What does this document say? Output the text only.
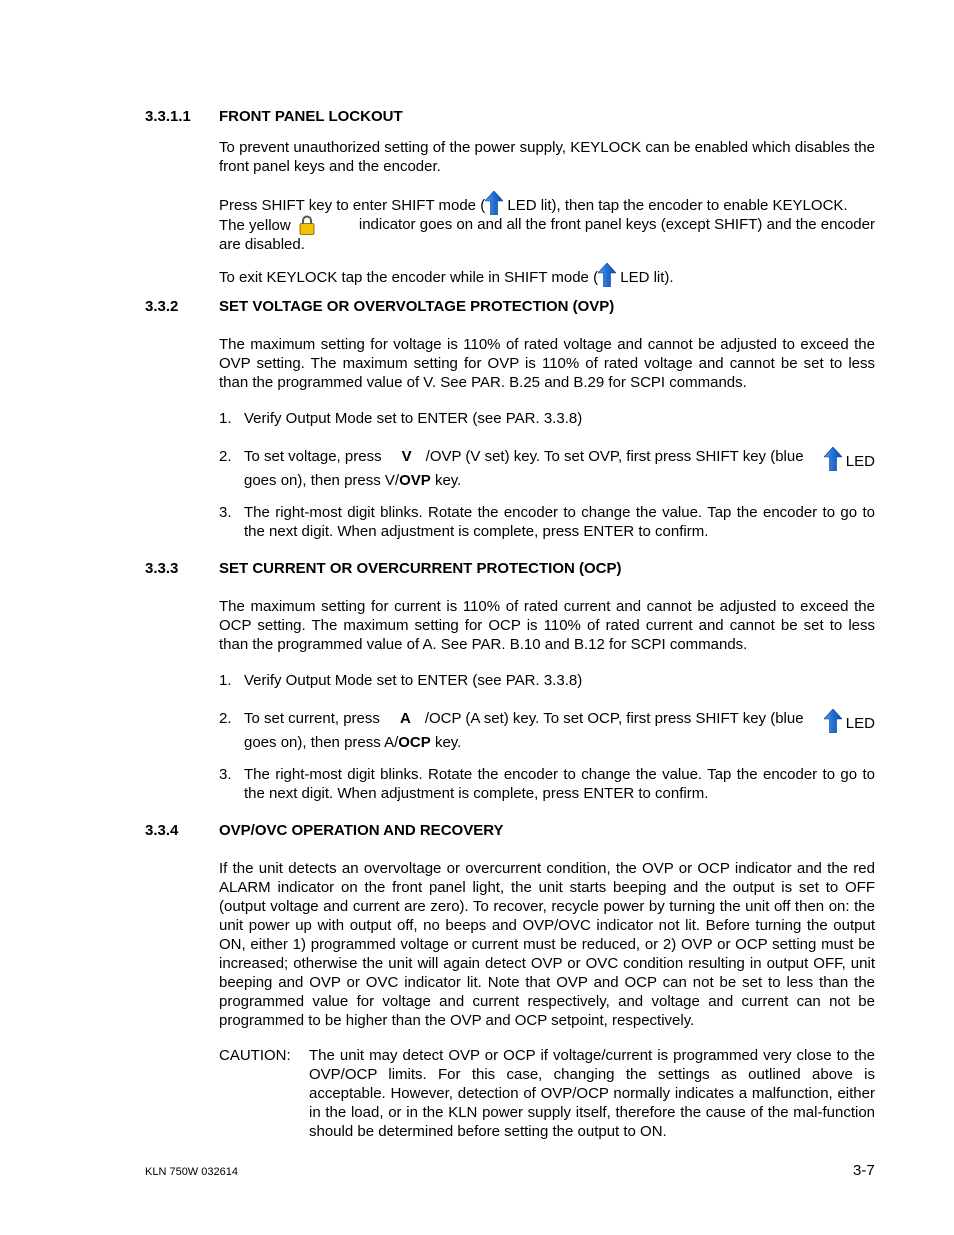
3.3.1.1 FRONT PANEL LOCKOUT
To prevent unauthorized setting of the power supply, KEYLOCK can be enabled which disables the front panel keys and the encoder.
Press SHIFT key to enter SHIFT mode ( LED lit), then tap the encoder to enable KEYLOCK.
The yellow	indicator goes on and all the front panel keys (except SHIFT) and the encoder
are disabled.
To exit KEYLOCK tap the encoder while in SHIFT mode ( LED lit).
3.3.2	SET VOLTAGE OR OVERVOLTAGE PROTECTION (OVP)
The maximum setting for voltage is 110% of rated voltage and cannot be adjusted to exceed the OVP setting. The maximum setting for OVP is 110% of rated voltage and cannot be set to less than the programmed value of V. See PAR. B.25 and B.29 for SCPI commands.
1. Verify Output Mode set to ENTER (see PAR. 3.3.8)
2. To set voltage, press V /OVP (V set) key. To set OVP, first press SHIFT key (blue	LED
goes on), then press V/OVP key.
3. The right-most digit blinks. Rotate the encoder to change the value. Tap the encoder to go to the next digit. When adjustment is complete, press ENTER to confirm.
3.3.3	SET CURRENT OR OVERCURRENT PROTECTION (OCP)
The maximum setting for current is 110% of rated current and cannot be adjusted to exceed the OCP setting. The maximum setting for OCP is 110% of rated current and cannot be set to less than the programmed value of A. See PAR. B.10 and B.12 for SCPI commands.
1. Verify Output Mode set to ENTER (see PAR. 3.3.8)
2. To set current, press A /OCP (A set) key. To set OCP, first press SHIFT key (blue	LED
goes on), then press A/OCP key.
3. The right-most digit blinks. Rotate the encoder to change the value. Tap the encoder to go to the next digit. When adjustment is complete, press ENTER to confirm.
3.3.4	OVP/OVC OPERATION AND RECOVERY
If the unit detects an overvoltage or overcurrent condition, the OVP or OCP indicator and the red ALARM indicator on the front panel light, the unit starts beeping and the output is set to OFF (output voltage and current are zero). To recover, recycle power by turning the unit off then on: the unit power up with output off, no beeps and OVP/OVC indicator not lit. Before turning the output ON, either 1) programmed voltage or current must be reduced, or 2) OVP or OCP setting must be increased; otherwise the unit will again detect OVP or OVC condition resulting in output OFF, unit beeping and OVP or OVC indicator lit. Note that OVP and OCP can not be set to less than the programmed value for voltage and current respectively, and voltage and current can not be programmed to be higher than the OVP and OCP setpoint, respectively.
CAUTION: The unit may detect OVP or OCP if voltage/current is programmed very close to the OVP/OCP limits. For this case, changing the settings as outlined above is acceptable. However, detection of OVP/OCP normally indicates a malfunction, either in the load, or in the KLN power supply itself, therefore the cause of the mal-function should be determined before setting the output to ON.
KLN 750W 032614	3-7
